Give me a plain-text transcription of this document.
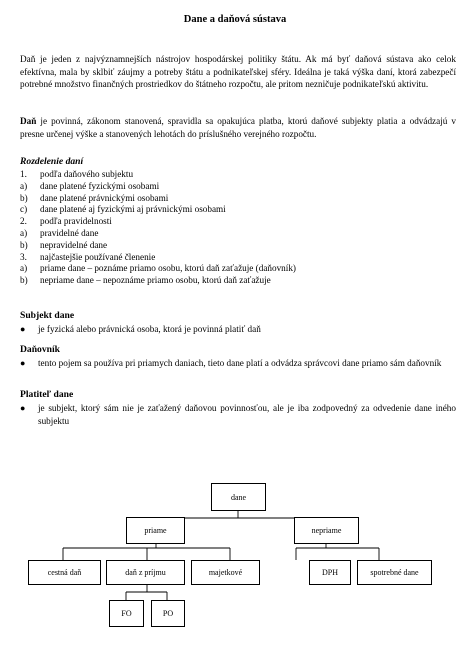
Dane a daňová sústava
Daň je jeden z najvýznamnejších nástrojov hospodárskej politiky štátu. Ak má byť daňová sústava ako celok efektívna, mala by sklbiť záujmy a potreby štátu a podnikateľskej sféry. Ideálna je taká výška daní, ktorá zabezpečí potrebné množstvo finančných prostriedkov do štátneho rozpočtu, ale pritom nezničuje podnikateľskú aktivitu.
Daň je povinná, zákonom stanovená, spravidla sa opakujúca platba, ktorú daňové subjekty platia a odvádzajú v presne určenej výške a stanovených lehotách do príslušného verejného rozpočtu.
Rozdelenie daní
1.	podľa daňového subjektu
a)	dane platené fyzickými osobami
b)	dane platené právnickými osobami
c)	dane platené aj fyzickými aj právnickými osobami
2.	podľa pravidelnosti
a)	pravidelné dane
b)	nepravidelné dane
3.	najčastejšie používané členenie
a)	priame dane – poznáme priamo osobu, ktorú daň zaťažuje (daňovník)
b)	nepriame dane – nepoznáme priamo osobu, ktorú daň zaťažuje
Subjekt dane
●	je fyzická alebo právnická osoba, ktorá je povinná platiť daň
Daňovník
●	tento pojem sa používa pri priamych daniach, tieto dane platí a odvádza správcovi dane priamo sám daňovník
Platiteľ dane
●	je subjekt, ktorý sám nie je zaťažený daňovou povinnosťou, ale je iba zodpovedný za odvedenie dane iného subjektu
dane
priame	nepriame
cestná daň	daň z príjmu	majetkové	DPH	spotrebné dane
FO	PO
